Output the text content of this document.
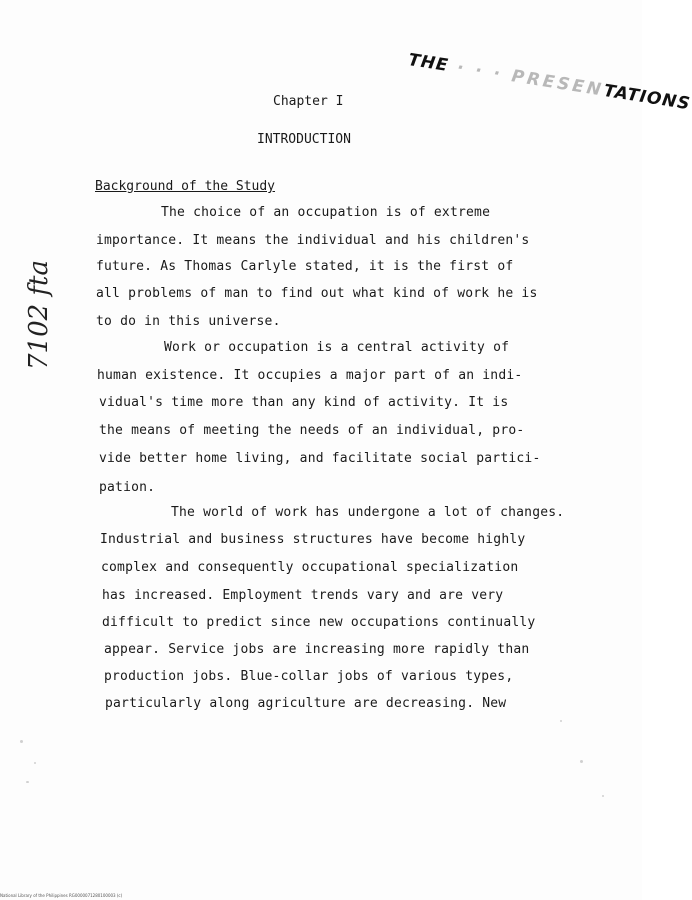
THE · · · PRESENTATIONS
Chapter I
INTRODUCTION
Background of the Study
The choice of an occupation is of extreme
importance. It means the individual and his children's
future. As Thomas Carlyle stated, it is the first of
all problems of man to find out what kind of work he is
to do in this universe.
Work or occupation is a central activity of
human existence. It occupies a major part of an indi-
vidual's time more than any kind of activity. It is
the means of meeting the needs of an individual, pro-
vide better home living, and facilitate social partici-
pation.
The world of work has undergone a lot of changes.
Industrial and business structures have become highly
complex and consequently occupational specialization
has increased. Employment trends vary and are very
difficult to predict since new occupations continually
appear. Service jobs are increasing more rapidly than
production jobs. Blue-collar jobs of various types,
particularly along agriculture are decreasing. New
7102 fta
National Library of the Philippines RG0000071280100003 (c)
